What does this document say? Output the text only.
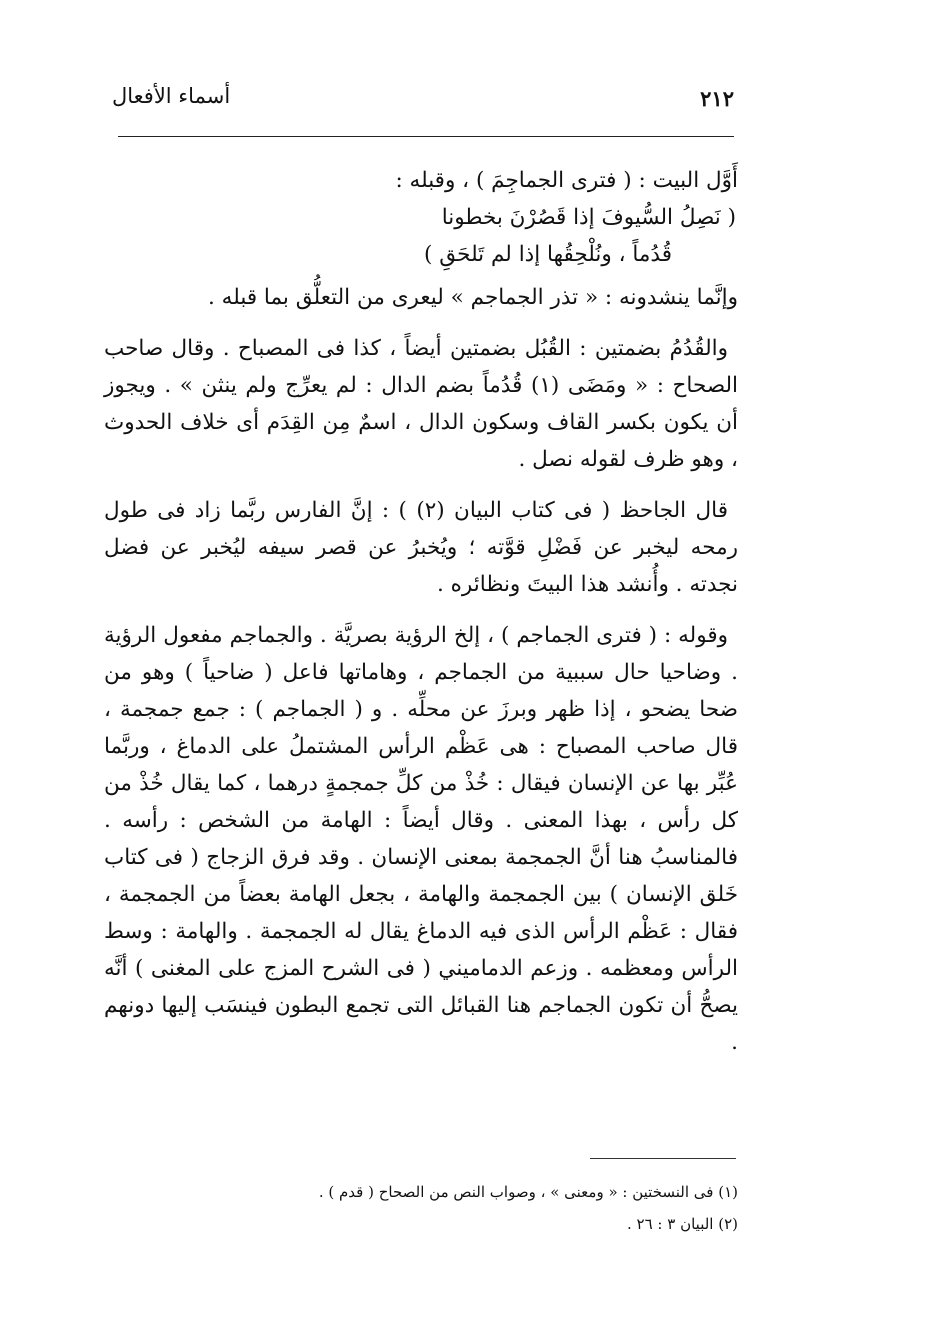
٢١٢
أسماء الأفعال

أَوَّل البيت : ( فترى الجماجِمَ ) ، وقبله :

( نَصِلُ السُّيوفَ إذا قَصُرْنَ بخطونا

قُدُماً ، ونُلْحِقُها إذا لم تَلحَقِ )

وإنَّما ينشدونه : « تذر الجماجم » ليعرى من التعلُّق بما قبله .

والقُدُمُ بضمتين : القُبُل بضمتين أيضاً ، كذا فى المصباح . وقال صاحب الصحاح : « ومَضَى (١) قُدُماً بضم الدال : لم يعرِّج ولم ينثن » . ويجوز أن يكون بكسر القاف وسكون الدال ، اسمٌ مِن القِدَم أى خلاف الحدوث ، وهو ظرف لقوله نصل .

قال الجاحظ ( فى كتاب البيان (٢) ) : إنَّ الفارس ربَّما زاد فى طول رمحه ليخبر عن فَضْلِ قوَّته ؛ ويُخبرُ عن قصر سيفه ليُخبر عن فضل نجدته . وأُنشد هذا البيتَ ونظائره .

وقوله : ( فترى الجماجم ) ، إلخ الرؤية بصريَّة . والجماجم مفعول الرؤية . وضاحيا حال سببية من الجماجم ، وهاماتها فاعل ( ضاحياً ) وهو من ضحا يضحو ، إذا ظهر وبرزَ عن محلِّه . و ( الجماجم ) : جمع جمجمة ، قال صاحب المصباح : هى عَظْم الرأس المشتملُ على الدماغ ، وربَّما عُبِّر بها عن الإنسان فيقال : خُذْ من كلِّ جمجمةٍ درهما ، كما يقال خُذْ من كل رأس ، بهذا المعنى . وقال أيضاً : الهامة من الشخص : رأسه . فالمناسبُ هنا أنَّ الجمجمة بمعنى الإنسان . وقد فرق الزجاج ( فى كتاب خَلق الإنسان ) بين الجمجمة والهامة ، بجعل الهامة بعضاً من الجمجمة ، فقال : عَظْم الرأس الذى فيه الدماغ يقال له الجمجمة . والهامة : وسط الرأس ومعظمه . وزعم الدماميني ( فى الشرح المزج على المغنى ) أنَّه يصحُّ أن تكون الجماجم هنا القبائل التى تجمع البطون فينسَب إليها دونهم .

(١) فى النسختين : « ومعنى » ، وصواب النص من الصحاح ( قدم ) .

(٢) البيان ٣ : ٢٦ .
